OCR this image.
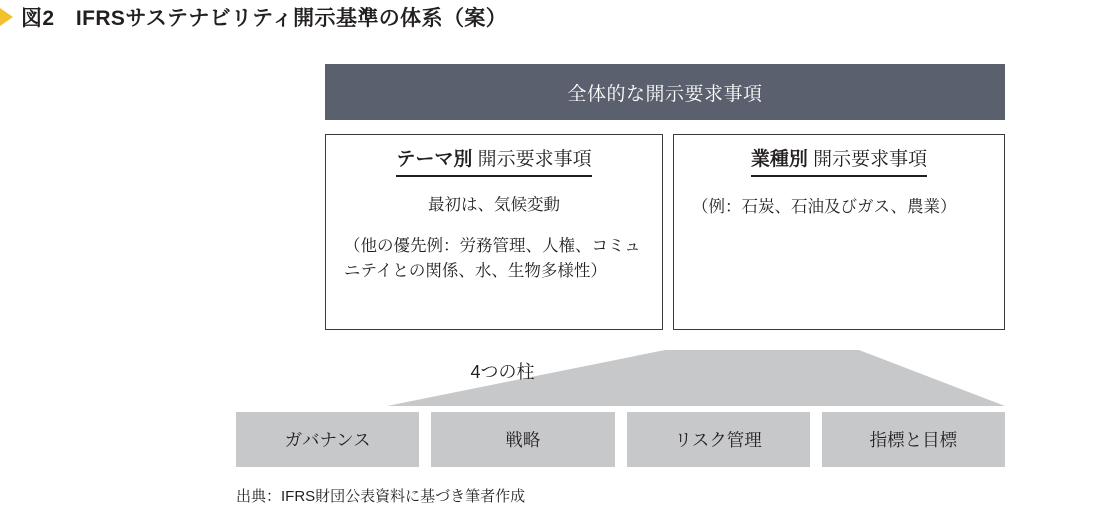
図2　IFRSサステナビリティ開示基準の体系（案）
全体的な開示要求事項
テーマ別 開示要求事項
最初は、気候変動
（他の優先例：労務管理、人権、コミュニテイとの関係、水、生物多様性）
業種別 開示要求事項
（例：石炭、石油及びガス、農業）
4つの柱
ガバナンス	戦略	リスク管理	指標と目標
出典：IFRS財団公表資料に基づき筆者作成
